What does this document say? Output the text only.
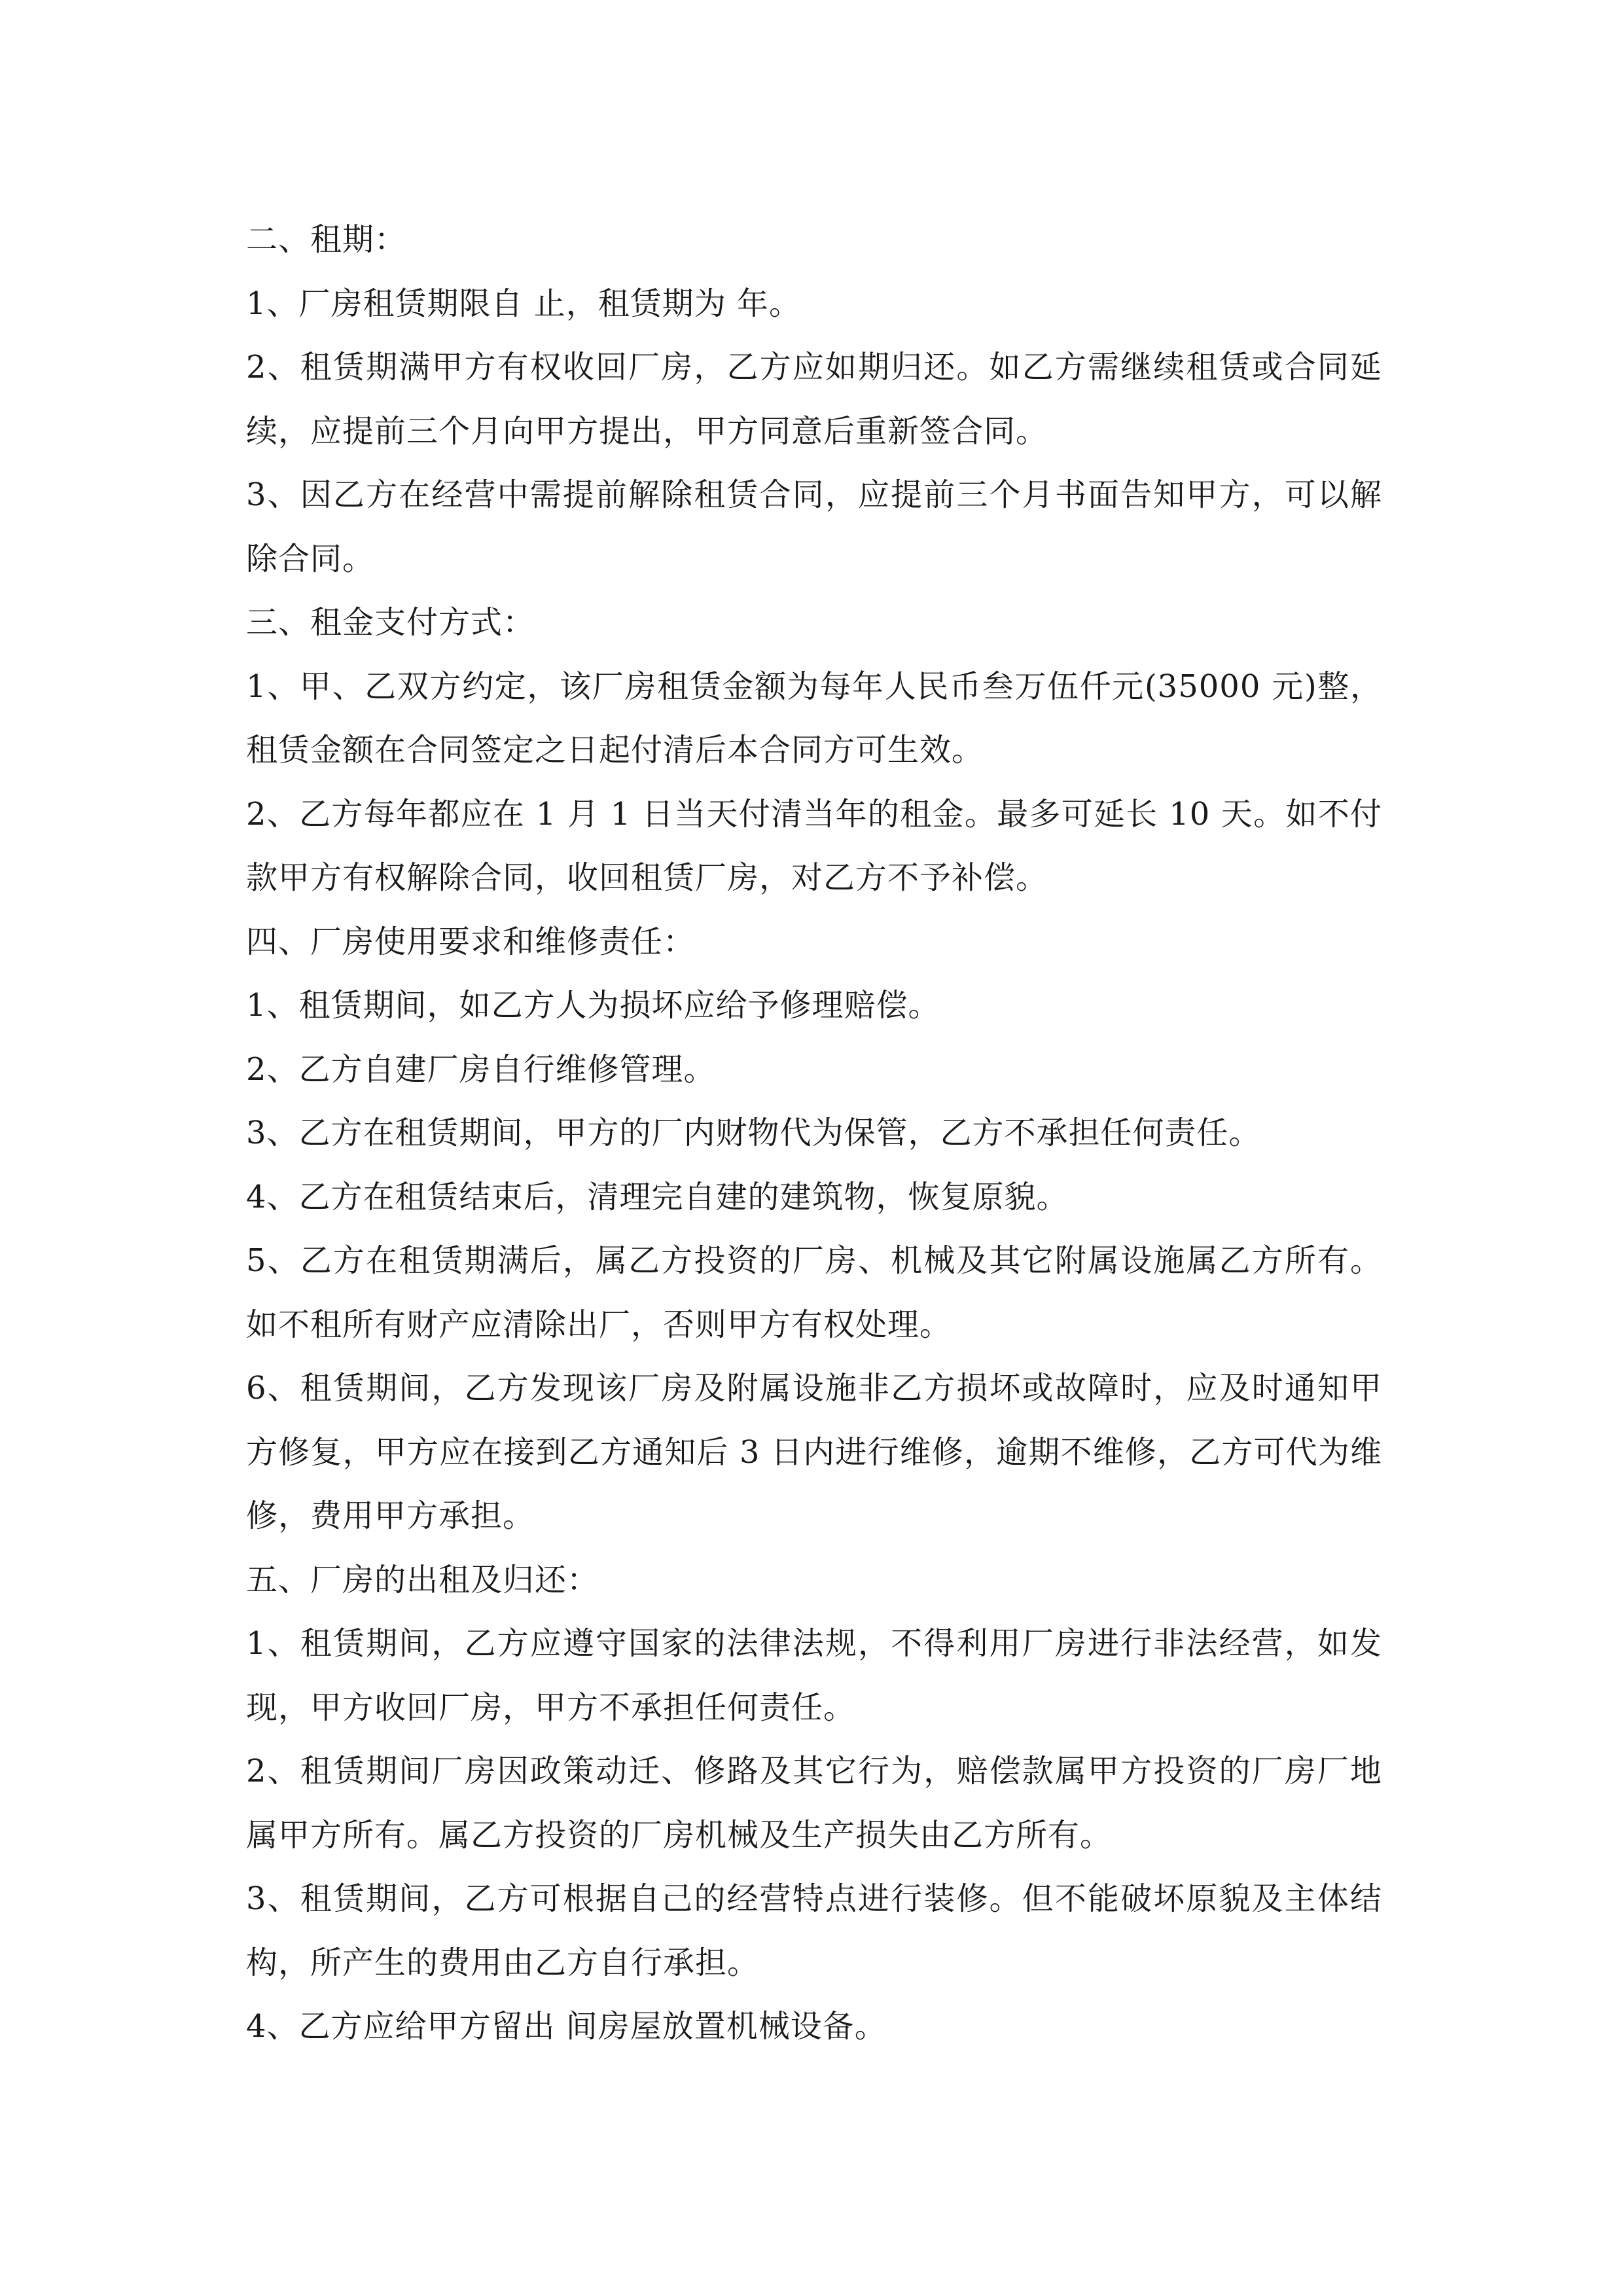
二、租期：

1、厂房租赁期限自 止，租赁期为 年。

2、租赁期满甲方有权收回厂房，乙方应如期归还。如乙方需继续租赁或合同延续，应提前三个月向甲方提出，甲方同意后重新签合同。

3、因乙方在经营中需提前解除租赁合同，应提前三个月书面告知甲方，可以解除合同。

三、租金支付方式：

1、甲、乙双方约定，该厂房租赁金额为每年人民币叁万伍仟元(35000 元)整，租赁金额在合同签定之日起付清后本合同方可生效。

2、乙方每年都应在 1 月 1 日当天付清当年的租金。最多可延长 10 天。如不付款甲方有权解除合同，收回租赁厂房，对乙方不予补偿。

四、厂房使用要求和维修责任：

1、租赁期间，如乙方人为损坏应给予修理赔偿。

2、乙方自建厂房自行维修管理。

3、乙方在租赁期间，甲方的厂内财物代为保管，乙方不承担任何责任。

4、乙方在租赁结束后，清理完自建的建筑物，恢复原貌。

5、乙方在租赁期满后，属乙方投资的厂房、机械及其它附属设施属乙方所有。如不租所有财产应清除出厂，否则甲方有权处理。

6、租赁期间，乙方发现该厂房及附属设施非乙方损坏或故障时，应及时通知甲方修复，甲方应在接到乙方通知后 3 日内进行维修，逾期不维修，乙方可代为维修，费用甲方承担。

五、厂房的出租及归还：

1、租赁期间，乙方应遵守国家的法律法规，不得利用厂房进行非法经营，如发现，甲方收回厂房，甲方不承担任何责任。

2、租赁期间厂房因政策动迁、修路及其它行为，赔偿款属甲方投资的厂房厂地属甲方所有。属乙方投资的厂房机械及生产损失由乙方所有。

3、租赁期间，乙方可根据自己的经营特点进行装修。但不能破坏原貌及主体结构，所产生的费用由乙方自行承担。

4、乙方应给甲方留出 间房屋放置机械设备。
